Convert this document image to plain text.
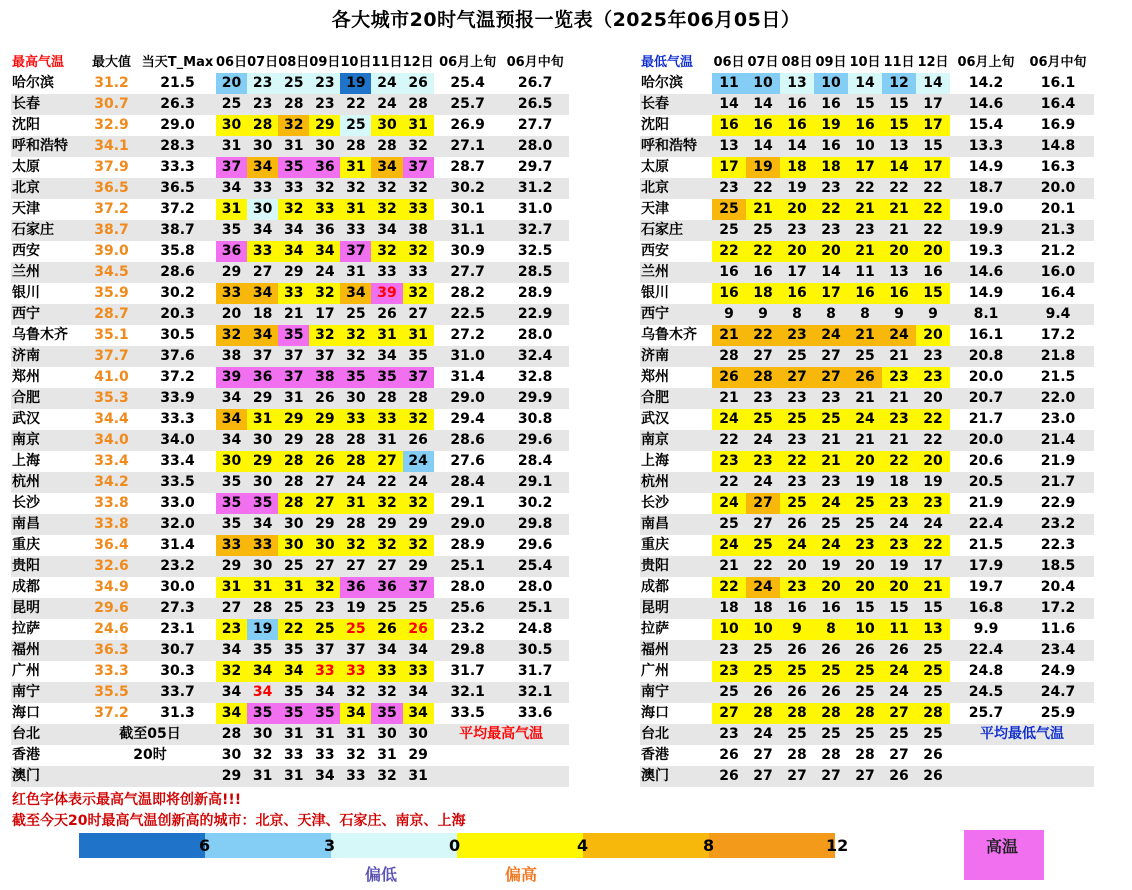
各大城市20时气温预报一览表（2025年06月05日）
最高气温	最大值	当天T_Max	06日	07日	08日	09日	10日	11日	12日	06月上旬	06月中旬
哈尔滨	31.2	21.5	20	23	25	23	19	24	26	25.4	26.7
长春	30.7	26.3	25	23	28	23	22	24	28	25.7	26.5
沈阳	32.9	29.0	30	28	32	29	25	30	31	26.9	27.7
呼和浩特	34.1	28.3	31	30	31	30	28	28	32	27.1	28.0
太原	37.9	33.3	37	34	35	36	31	34	37	28.7	29.7
北京	36.5	36.5	34	33	33	32	32	32	32	30.2	31.2
天津	37.2	37.2	31	30	32	33	31	32	33	30.1	31.0
石家庄	38.7	38.7	35	34	34	36	33	34	38	31.1	32.7
西安	39.0	35.8	36	33	34	34	37	32	32	30.9	32.5
兰州	34.5	28.6	29	27	29	24	31	33	33	27.7	28.5
银川	35.9	30.2	33	34	33	32	34	39	32	28.2	28.9
西宁	28.7	20.3	20	18	21	17	25	26	27	22.5	22.9
乌鲁木齐	35.1	30.5	32	34	35	32	32	31	31	27.2	28.0
济南	37.7	37.6	38	37	37	37	32	34	35	31.0	32.4
郑州	41.0	37.2	39	36	37	38	35	35	37	31.4	32.8
合肥	35.3	33.9	34	29	31	26	30	28	28	29.0	29.9
武汉	34.4	33.3	34	31	29	29	33	33	32	29.4	30.8
南京	34.0	34.0	34	30	29	28	28	31	26	28.6	29.6
上海	33.4	33.4	30	29	28	26	28	27	24	27.6	28.4
杭州	34.2	33.5	35	30	28	27	24	22	24	28.4	29.1
长沙	33.8	33.0	35	35	28	27	31	32	32	29.1	30.2
南昌	33.8	32.0	35	34	30	29	28	29	29	29.0	29.8
重庆	36.4	31.4	33	33	30	30	32	32	32	28.9	29.6
贵阳	32.6	23.2	29	30	25	27	27	27	29	25.1	25.4
成都	34.9	30.0	31	31	31	32	36	36	37	28.0	28.0
昆明	29.6	27.3	27	28	25	23	19	25	25	25.6	25.1
拉萨	24.6	23.1	23	19	22	25	25	26	26	23.2	24.8
福州	36.3	30.7	34	35	35	37	37	34	34	29.8	30.5
广州	33.3	30.3	32	34	34	33	33	33	33	31.7	31.7
南宁	35.5	33.7	34	34	35	34	32	32	34	32.1	32.1
海口	37.2	31.3	34	35	35	35	34	35	34	33.5	33.6
台北	截至05日		28	30	31	31	31	30	30	平均最高气温	
香港	20时		30	32	33	33	32	31	29		
澳门			29	31	31	34	33	32	31		
最低气温	06日	07日	08日	09日	10日	11日	12日	06月上旬	06月中旬
哈尔滨	11	10	13	10	14	12	14	14.2	16.1
长春	14	14	16	16	15	15	17	14.6	16.4
沈阳	16	16	16	19	16	15	17	15.4	16.9
呼和浩特	13	14	14	16	10	13	15	13.3	14.8
太原	17	19	18	18	17	14	17	14.9	16.3
北京	23	22	19	23	22	22	22	18.7	20.0
天津	25	21	20	22	21	21	22	19.0	20.1
石家庄	25	25	23	23	23	21	22	19.9	21.3
西安	22	22	20	20	21	20	20	19.3	21.2
兰州	16	16	17	14	11	13	16	14.6	16.0
银川	16	18	16	17	16	16	15	14.9	16.4
西宁	9	9	8	8	8	9	9	8.1	9.4
乌鲁木齐	21	22	23	24	21	24	20	16.1	17.2
济南	28	27	25	27	25	21	23	20.8	21.8
郑州	26	28	27	27	26	23	23	20.0	21.5
合肥	21	23	23	23	21	21	20	20.7	22.0
武汉	24	25	25	25	24	23	22	21.7	23.0
南京	22	24	23	21	21	21	22	20.0	21.4
上海	23	23	22	21	20	22	20	20.6	21.9
杭州	22	24	23	23	19	18	19	20.5	21.7
长沙	24	27	25	24	25	23	23	21.9	22.9
南昌	25	27	26	25	25	24	24	22.4	23.2
重庆	24	25	24	24	23	23	22	21.5	22.3
贵阳	21	22	20	19	20	19	17	17.9	18.5
成都	22	24	23	20	20	20	21	19.7	20.4
昆明	18	18	16	16	15	15	15	16.8	17.2
拉萨	10	10	9	8	10	11	13	9.9	11.6
福州	23	25	26	26	26	26	25	22.4	23.4
广州	23	25	25	25	25	24	25	24.8	24.9
南宁	25	26	26	26	25	24	25	24.5	24.7
海口	27	28	28	28	28	27	28	25.7	25.9
台北	23	24	25	25	25	25	25	平均最低气温	
香港	26	27	28	28	28	27	26		
澳门	26	27	27	27	27	26	26		
红色字体表示最高气温即将创新高!!!
截至今天20时最高气温创新高的城市：北京、天津、石家庄、南京、上海
高温
偏低	偏高
6	3	0	4	8	12
